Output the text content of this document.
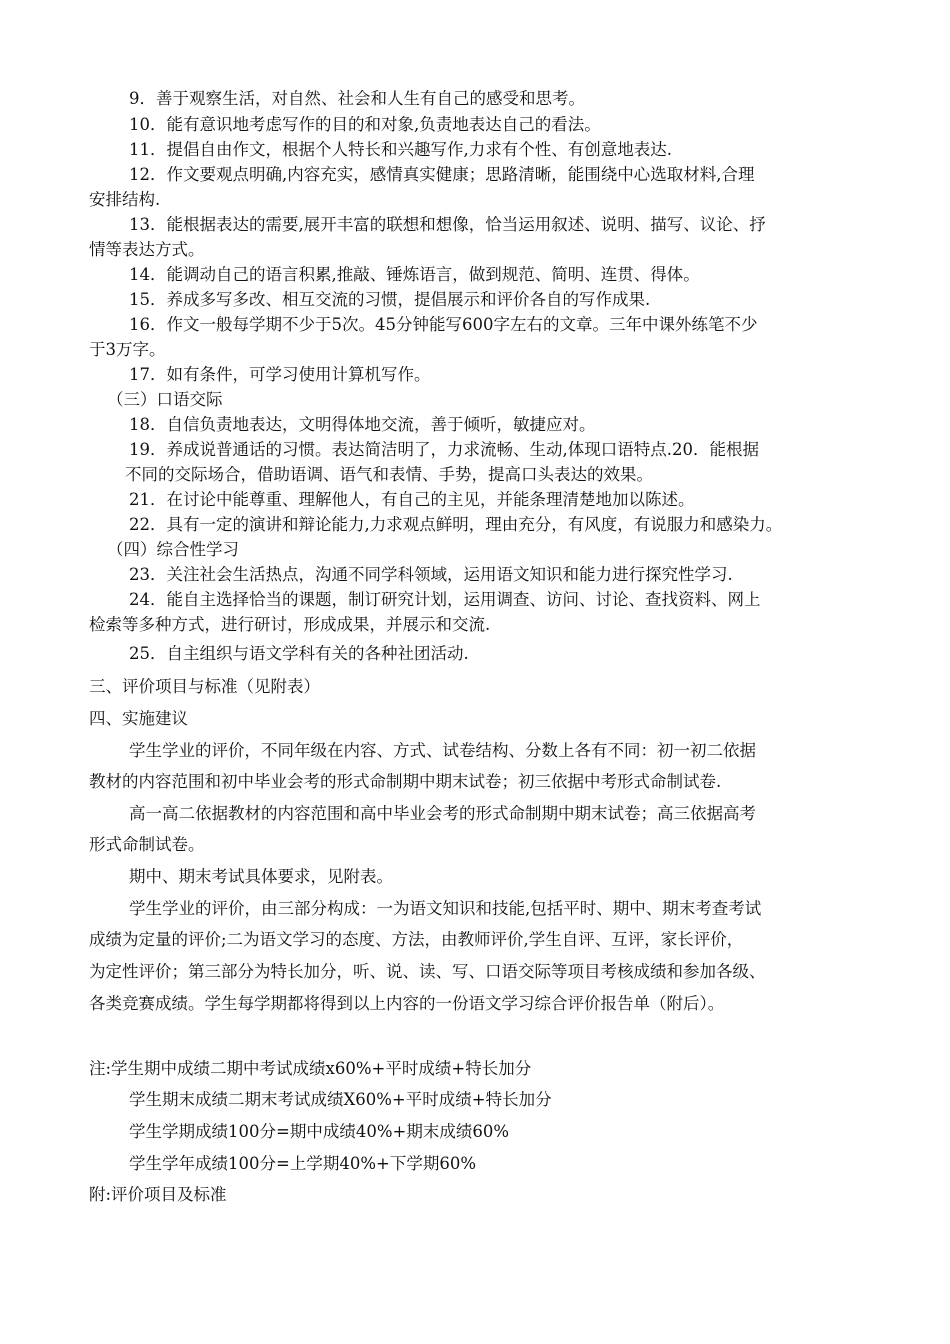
9．善于观察生活，对自然、社会和人生有自己的感受和思考。
10．能有意识地考虑写作的目的和对象,负责地表达自己的看法。
11．提倡自由作文，根据个人特长和兴趣写作,力求有个性、有创意地表达.
12．作文要观点明确,内容充实，感情真实健康；思路清晰，能围绕中心选取材料,合理
安排结构.
13．能根据表达的需要,展开丰富的联想和想像，恰当运用叙述、说明、描写、议论、抒
情等表达方式。
14．能调动自己的语言积累,推敲、锤炼语言，做到规范、简明、连贯、得体。
15．养成多写多改、相互交流的习惯，提倡展示和评价各自的写作成果.
16．作文一般每学期不少于5次。45分钟能写600字左右的文章。三年中课外练笔不少
于3万字。
17．如有条件，可学习使用计算机写作。
（三）口语交际
18．自信负责地表达，文明得体地交流，善于倾听，敏捷应对。
19．养成说普通话的习惯。表达简洁明了，力求流畅、生动,体现口语特点.20．能根据
不同的交际场合，借助语调、语气和表情、手势，提高口头表达的效果。
21．在讨论中能尊重、理解他人，有自己的主见，并能条理清楚地加以陈述。
22．具有一定的演讲和辩论能力,力求观点鲜明，理由充分，有风度，有说服力和感染力。
（四）综合性学习
23．关注社会生活热点，沟通不同学科领域，运用语文知识和能力进行探究性学习.
24．能自主选择恰当的课题，制订研究计划，运用调查、访问、讨论、查找资料、网上
检索等多种方式，进行研讨，形成成果，并展示和交流.
25．自主组织与语文学科有关的各种社团活动.
三、评价项目与标准（见附表）
四、实施建议
学生学业的评价，不同年级在内容、方式、试卷结构、分数上各有不同：初一初二依据
教材的内容范围和初中毕业会考的形式命制期中期末试卷；初三依据中考形式命制试卷.
高一高二依据教材的内容范围和高中毕业会考的形式命制期中期末试卷；高三依据高考
形式命制试卷。
期中、期末考试具体要求，见附表。
学生学业的评价，由三部分构成：一为语文知识和技能,包括平时、期中、期末考查考试
成绩为定量的评价;二为语文学习的态度、方法，由教师评价,学生自评、互评，家长评价，
为定性评价；第三部分为特长加分，听、说、读、写、口语交际等项目考核成绩和参加各级、
各类竞赛成绩。学生每学期都将得到以上内容的一份语文学习综合评价报告单（附后）。
注:学生期中成绩二期中考试成绩x60%+平时成绩+特长加分
学生期末成绩二期末考试成绩X60%+平时成绩+特长加分
学生学期成绩100分=期中成绩40%+期末成绩60%
学生学年成绩100分=上学期40%+下学期60%
附:评价项目及标准
